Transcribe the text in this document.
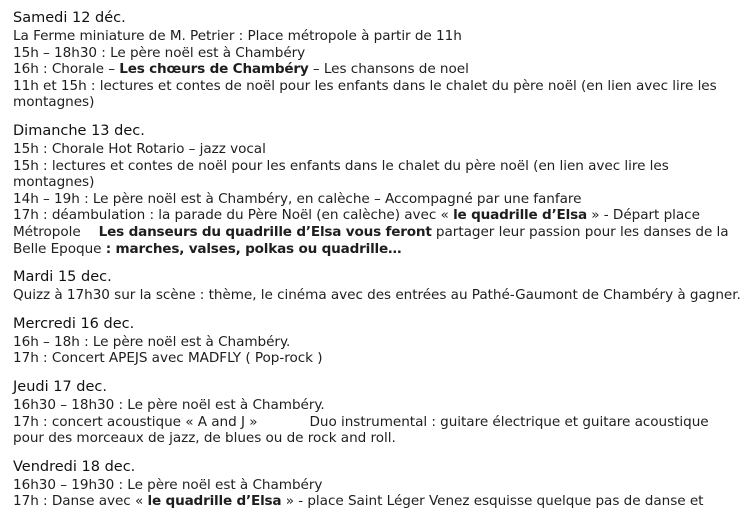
Samedi 12 déc.

La Ferme miniature de M. Petrier : Place métropole à partir de 11h

15h – 18h30 : Le père noël est à Chambéry

16h : Chorale – Les chœurs de Chambéry – Les chansons de noel

11h et 15h : lectures et contes de noël pour les enfants dans le chalet du père noël (en lien avec lire les montagnes)

Dimanche 13 dec.

15h : Chorale Hot Rotario – jazz vocal

15h : lectures et contes de noël pour les enfants dans le chalet du père noël (en lien avec lire les montagnes)

14h – 19h : Le père noël est à Chambéry, en calèche – Accompagné par une fanfare

17h : déambulation : la parade du Père Noël (en calèche) avec « le quadrille d’Elsa » - Départ place Métropole Les danseurs du quadrille d’Elsa vous feront partager leur passion pour les danses de la Belle Epoque : marches, valses, polkas ou quadrille…

Mardi 15 dec.

Quizz à 17h30 sur la scène : thème, le cinéma avec des entrées au Pathé-Gaumont de Chambéry à gagner.

Mercredi 16 dec.

16h – 18h : Le père noël est à Chambéry.

17h : Concert APEJS avec MADFLY ( Pop-rock )

Jeudi 17 dec.

16h30 – 18h30 : Le père noël est à Chambéry.

17h : concert acoustique « A and J »	Duo instrumental : guitare électrique et guitare acoustique pour des morceaux de jazz, de blues ou de rock and roll.

Vendredi 18 dec.

16h30 – 19h30 : Le père noël est à Chambéry

17h : Danse avec « le quadrille d’Elsa » - place Saint Léger Venez esquisse quelque pas de danse et
